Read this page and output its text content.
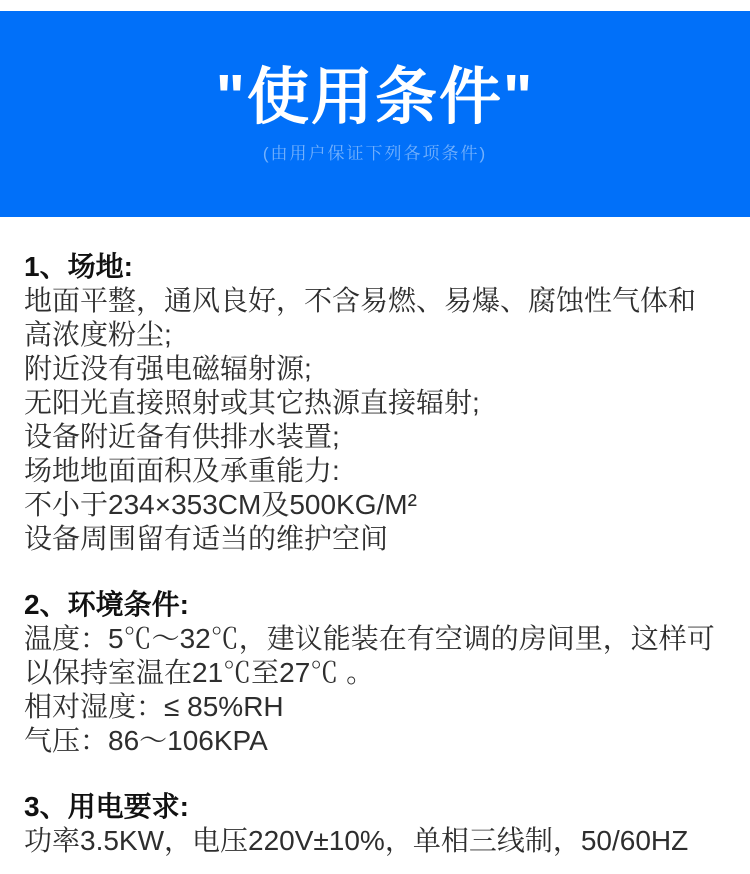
"使用条件"

(由用户保证下列各项条件)

1、场地:
地面平整，通风良好，不含易燃、易爆、腐蚀性气体和
高浓度粉尘;
附近没有强电磁辐射源;
无阳光直接照射或其它热源直接辐射;
设备附近备有供排水装置;
场地地面面积及承重能力:
不小于234×353CM及500KG/M²
设备周围留有适当的维护空间
2、环境条件:
温度：5℃～32℃，建议能装在有空调的房间里，这样可
以保持室温在21℃至27℃ 。
相对湿度：≤ 85%RH
气压：86～106KPA
3、用电要求:
功率3.5KW，电压220V±10%，单相三线制，50/60HZ
